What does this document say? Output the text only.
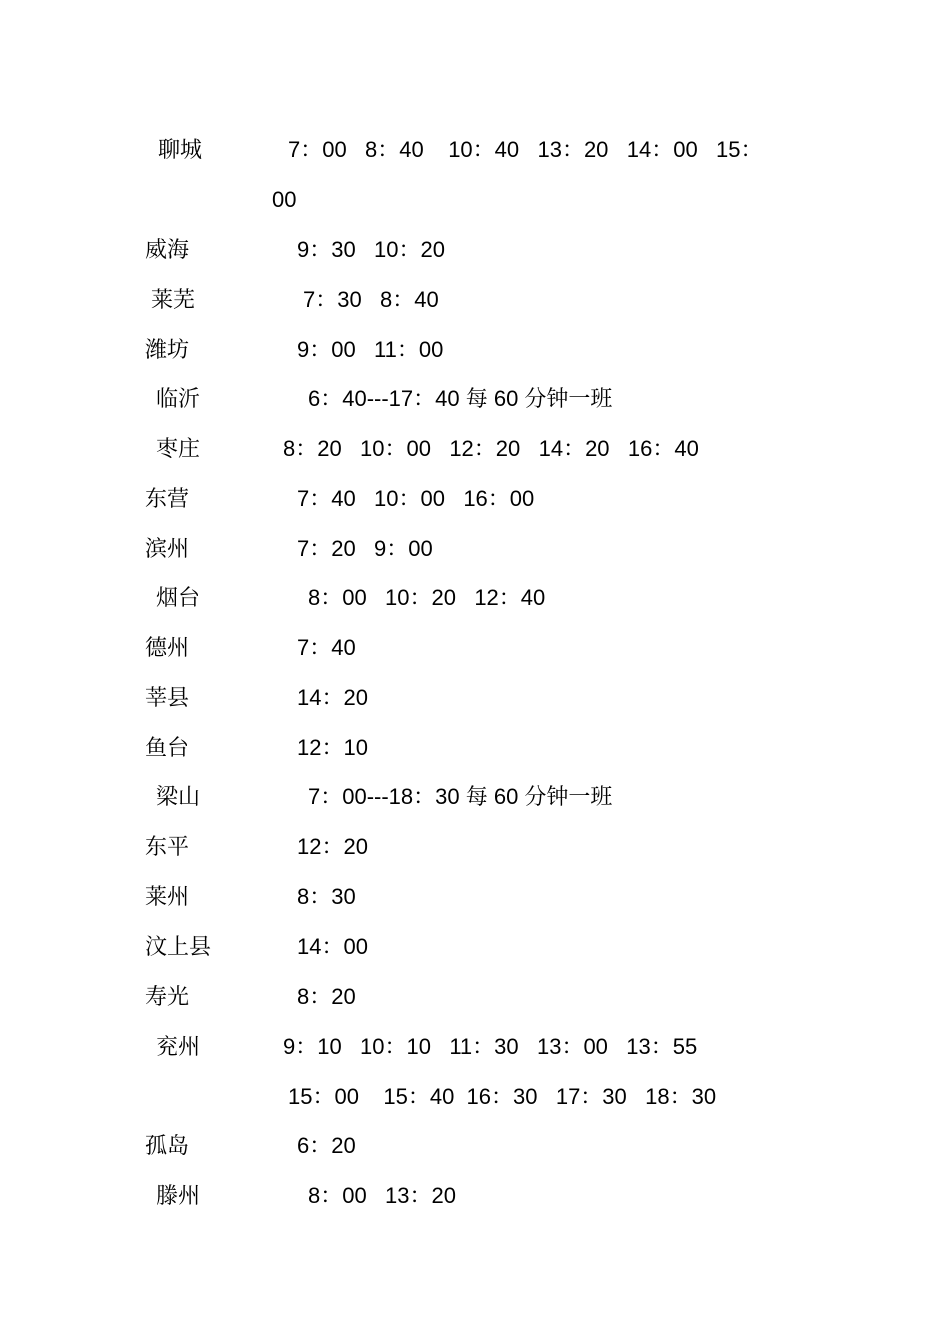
聊城	7：00   8：40    10：40   13：20   14：00   15：
00
威海	9：30   10：20
莱芜	7：30   8：40
潍坊	9：00   11：00
临沂	6：40---17：40 每 60 分钟一班
枣庄	8：20   10：00   12：20   14：20   16：40
东营	7：40   10：00   16：00
滨州	7：20   9：00
烟台	8：00   10：20   12：40
德州	7：40
莘县	14：20
鱼台	12：10
梁山	7：00---18：30 每 60 分钟一班
东平	12：20
莱州	8：30
汶上县	14：00
寿光	8：20
兖州	9：10   10：10   11：30   13：00   13：55
15：00    15：40  16：30   17：30   18：30
孤岛	6：20
滕州	8：00   13：20
